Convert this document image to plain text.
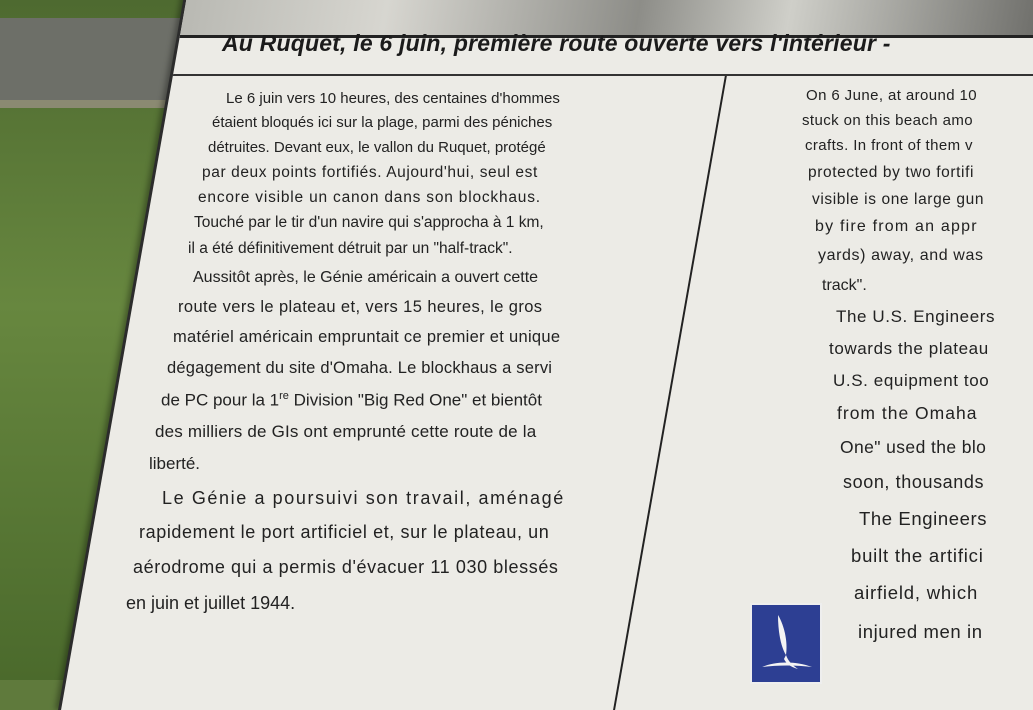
Au Ruquet, le 6 juin, première route ouverte vers l'intérieur -
Le 6 juin vers 10 heures, des centaines d'hommes
étaient bloqués ici sur la plage, parmi des péniches
détruites. Devant eux, le vallon du Ruquet, protégé
par deux points fortifiés. Aujourd'hui, seul est
encore visible un canon dans son blockhaus.
Touché par le tir d'un navire qui s'approcha à 1 km,
il a été définitivement détruit par un "half-track".
Aussitôt après, le Génie américain a ouvert cette
route vers le plateau et, vers 15 heures, le gros
matériel américain empruntait ce premier et unique
dégagement du site d'Omaha. Le blockhaus a servi
de PC pour la 1re Division "Big Red One" et bientôt
des milliers de GIs ont emprunté cette route de la
liberté.
Le Génie a poursuivi son travail, aménagé
rapidement le port artificiel et, sur le plateau, un
aérodrome qui a permis d'évacuer 11 030 blessés
en juin et juillet 1944.
On 6 June, at around 10
stuck on this beach amo
crafts. In front of them v
protected by two fortifi
visible is one large gun
by fire from an appr
yards) away, and was
track".
The U.S. Engineers
towards the plateau
U.S. equipment too
from the Omaha
One" used the blo
soon, thousands
The Engineers
built the artifici
airfield, which
injured men in
